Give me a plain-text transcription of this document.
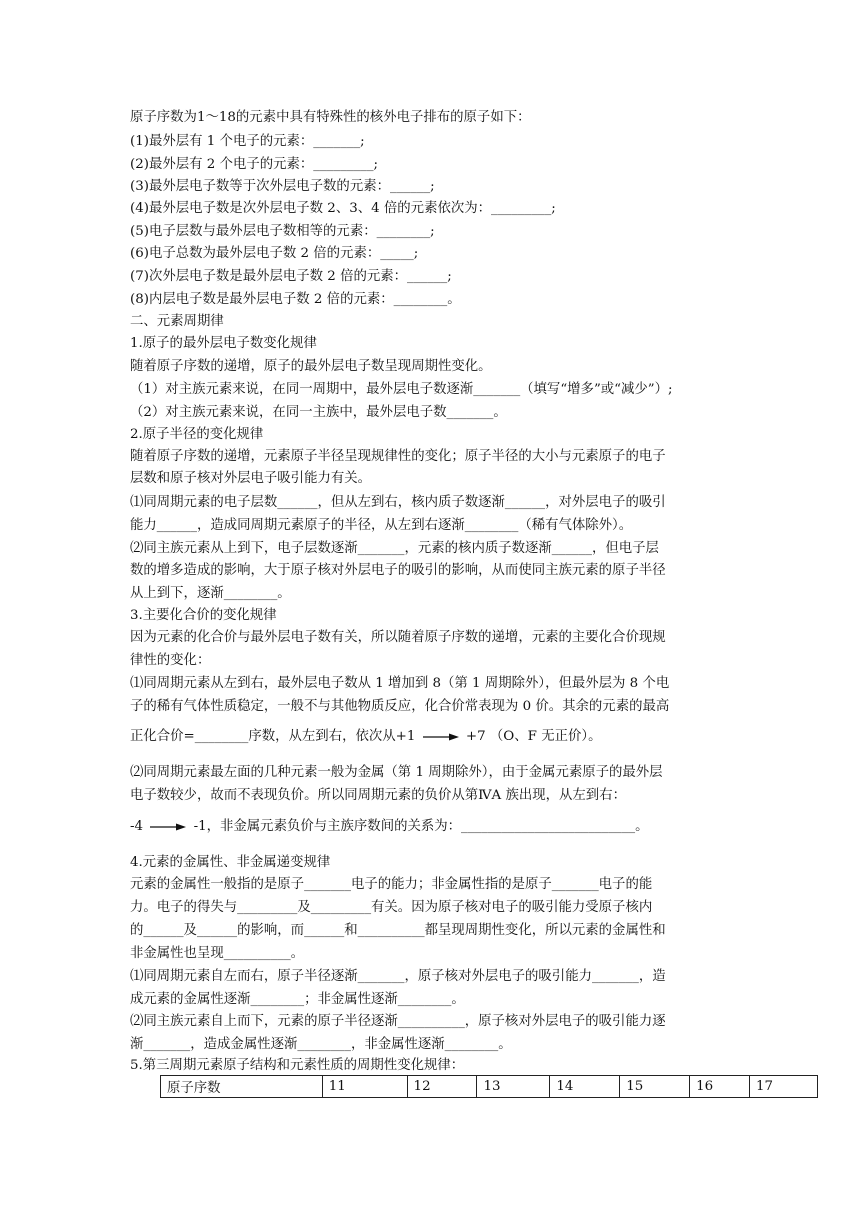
原子序数为1～18的元素中具有特殊性的核外电子排布的原子如下：
(1)最外层有 1 个电子的元素：_______;
(2)最外层有 2 个电子的元素：_________;
(3)最外层电子数等于次外层电子数的元素：______;
(4)最外层电子数是次外层电子数 2、3、4 倍的元素依次为：_________;
(5)电子层数与最外层电子数相等的元素：________;
(6)电子总数为最外层电子数 2 倍的元素：_____;
(7)次外层电子数是最外层电子数 2 倍的元素：______;
(8)内层电子数是最外层电子数 2 倍的元素：________。
二、元素周期律
1.原子的最外层电子数变化规律
随着原子序数的递增，原子的最外层电子数呈现周期性变化。
（1）对主族元素来说，在同一周期中，最外层电子数逐渐_______（填写“增多”或“减少”）;
（2）对主族元素来说，在同一主族中，最外层电子数_______。
2.原子半径的变化规律
随着原子序数的递增，元素原子半径呈现规律性的变化；原子半径的大小与元素原子的电子
层数和原子核对外层电子吸引能力有关。
⑴同周期元素的电子层数______，但从左到右，核内质子数逐渐______，对外层电子的吸引
能力______，造成同周期元素原子的半径，从左到右逐渐________（稀有气体除外）。
⑵同主族元素从上到下，电子层数逐渐_______，元素的核内质子数逐渐______，但电子层
数的增多造成的影响，大于原子核对外层电子的吸引的影响，从而使同主族元素的原子半径
从上到下，逐渐________。
3.主要化合价的变化规律
因为元素的化合价与最外层电子数有关，所以随着原子序数的递增，元素的主要化合价现规
律性的变化：
⑴同周期元素从左到右，最外层电子数从 1 增加到 8（第 1 周期除外），但最外层为 8 个电
子的稀有气体性质稳定，一般不与其他物质反应，化合价常表现为 0 价。其余的元素的最高
正化合价=________序数，从左到右，依次从+1	+7 （O、F 无正价）。
⑵同周期元素最左面的几种元素一般为金属（第 1 周期除外），由于金属元素原子的最外层
电子数较少，故而不表现负价。所以同周期元素的负价从第ⅣA 族出现，从左到右：
-4	-1，非金属元素负价与主族序数间的关系为：__________________________。
4.元素的金属性、非金属递变规律
元素的金属性一般指的是原子_______电子的能力；非金属性指的是原子_______电子的能
力。电子的得失与_________及_________有关。因为原子核对电子的吸引能力受原子核内
的______及______的影响，而______和__________都呈现周期性变化，所以元素的金属性和
非金属性也呈现__________。
⑴同周期元素自左而右，原子半径逐渐_______，原子核对外层电子的吸引能力_______，造
成元素的金属性逐渐________；非金属性逐渐________。
⑵同主族元素自上而下，元素的原子半径逐渐__________，原子核对外层电子的吸引能力逐
渐_______，造成金属性逐渐________，非金属性逐渐________。
5.第三周期元素原子结构和元素性质的周期性变化规律：
原子序数	11	12	13	14	15	16	17
